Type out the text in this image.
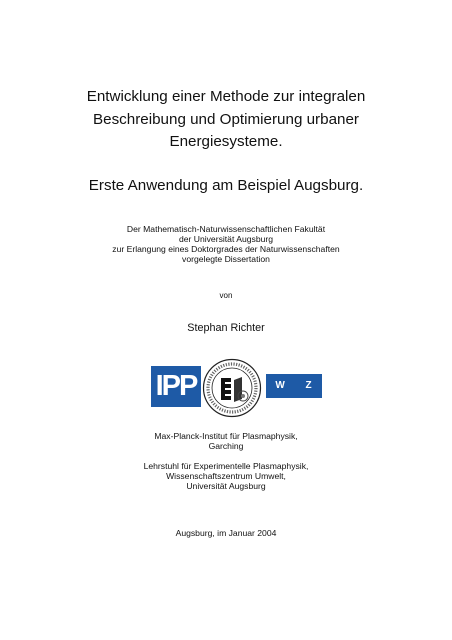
Entwicklung einer Methode zur integralen
Beschreibung und Optimierung urbaner
Energiesysteme.
Erste Anwendung am Beispiel Augsburg.
Der Mathematisch-Naturwissenschaftlichen Fakultät
der Universität Augsburg
zur Erlangung eines Doktorgrades der Naturwissenschaften
vorgelegte Dissertation
von
Stephan Richter
IPP	W Z U
Max-Planck-Institut für Plasmaphysik,
Garching
Lehrstuhl für Experimentelle Plasmaphysik,
Wissenschaftszentrum Umwelt,
Universität Augsburg
Augsburg, im Januar 2004
